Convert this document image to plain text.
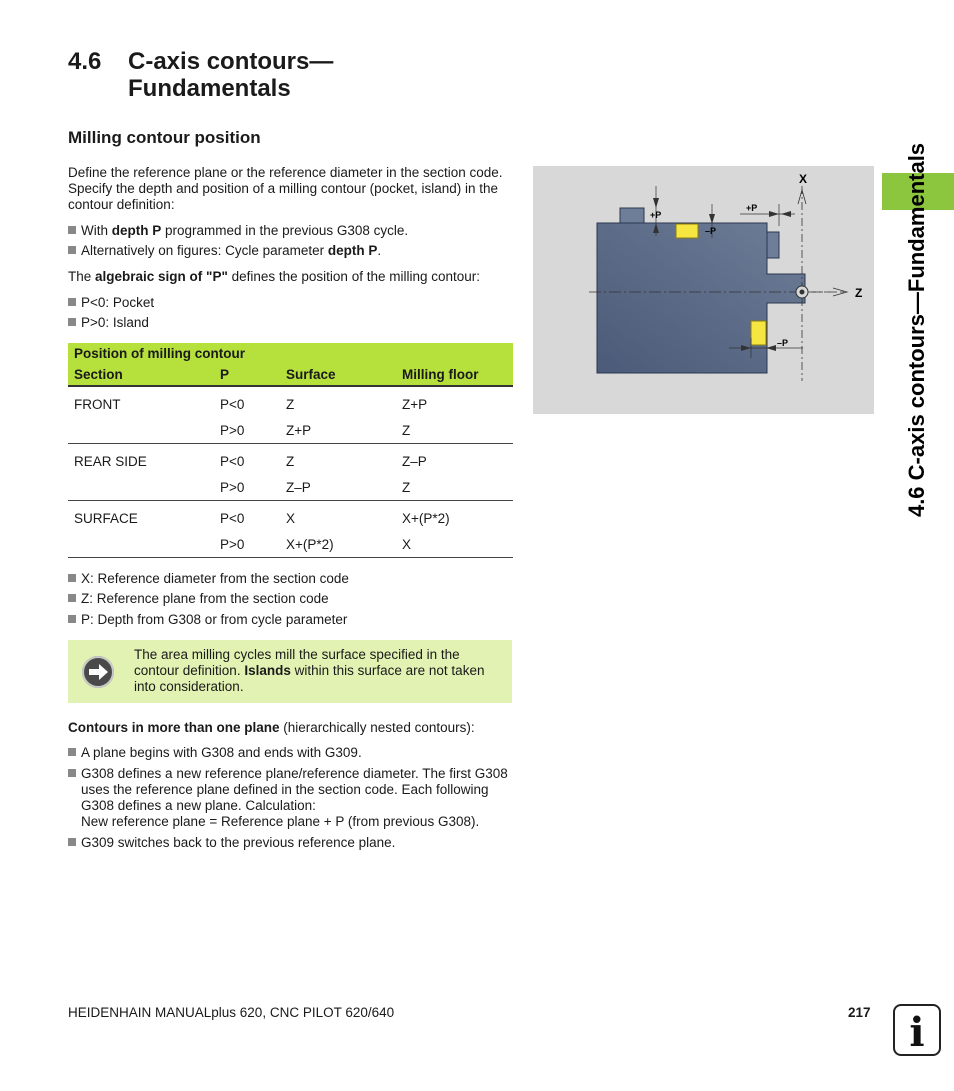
4.6 C-axis contours—
Fundamentals
Milling contour position
Define the reference plane or the reference diameter in the section code. Specify the depth and position of a milling contour (pocket, island) in the contour definition:
With depth P programmed in the previous G308 cycle.
Alternatively on figures: Cycle parameter depth P.
The algebraic sign of "P" defines the position of the milling contour:
P<0: Pocket
P>0: Island
Position of milling contour			
Section	P	Surface	Milling floor
FRONT	P<0	Z	Z+P
	P>0	Z+P	Z
REAR SIDE	P<0	Z	Z–P
	P>0	Z–P	Z
SURFACE	P<0	X	X+(P*2)
	P>0	X+(P*2)	X
X: Reference diameter from the section code
Z: Reference plane from the section code
P: Depth from G308 or from cycle parameter
The area milling cycles mill the surface specified in the contour definition. Islands within this surface are not taken into consideration.
Contours in more than one plane (hierarchically nested contours):
A plane begins with G308 and ends with G309.
G308 defines a new reference plane/reference diameter. The first G308 uses the reference plane defined in the section code. Each following G308 defines a new plane. Calculation:
New reference plane = Reference plane + P (from previous G308).
G309 switches back to the previous reference plane.
X
Z
+P
–P
+P
–P	4.6 C-axis contours—Fundamentals
HEIDENHAIN MANUALplus 620, CNC PILOT 620/640	217 i
